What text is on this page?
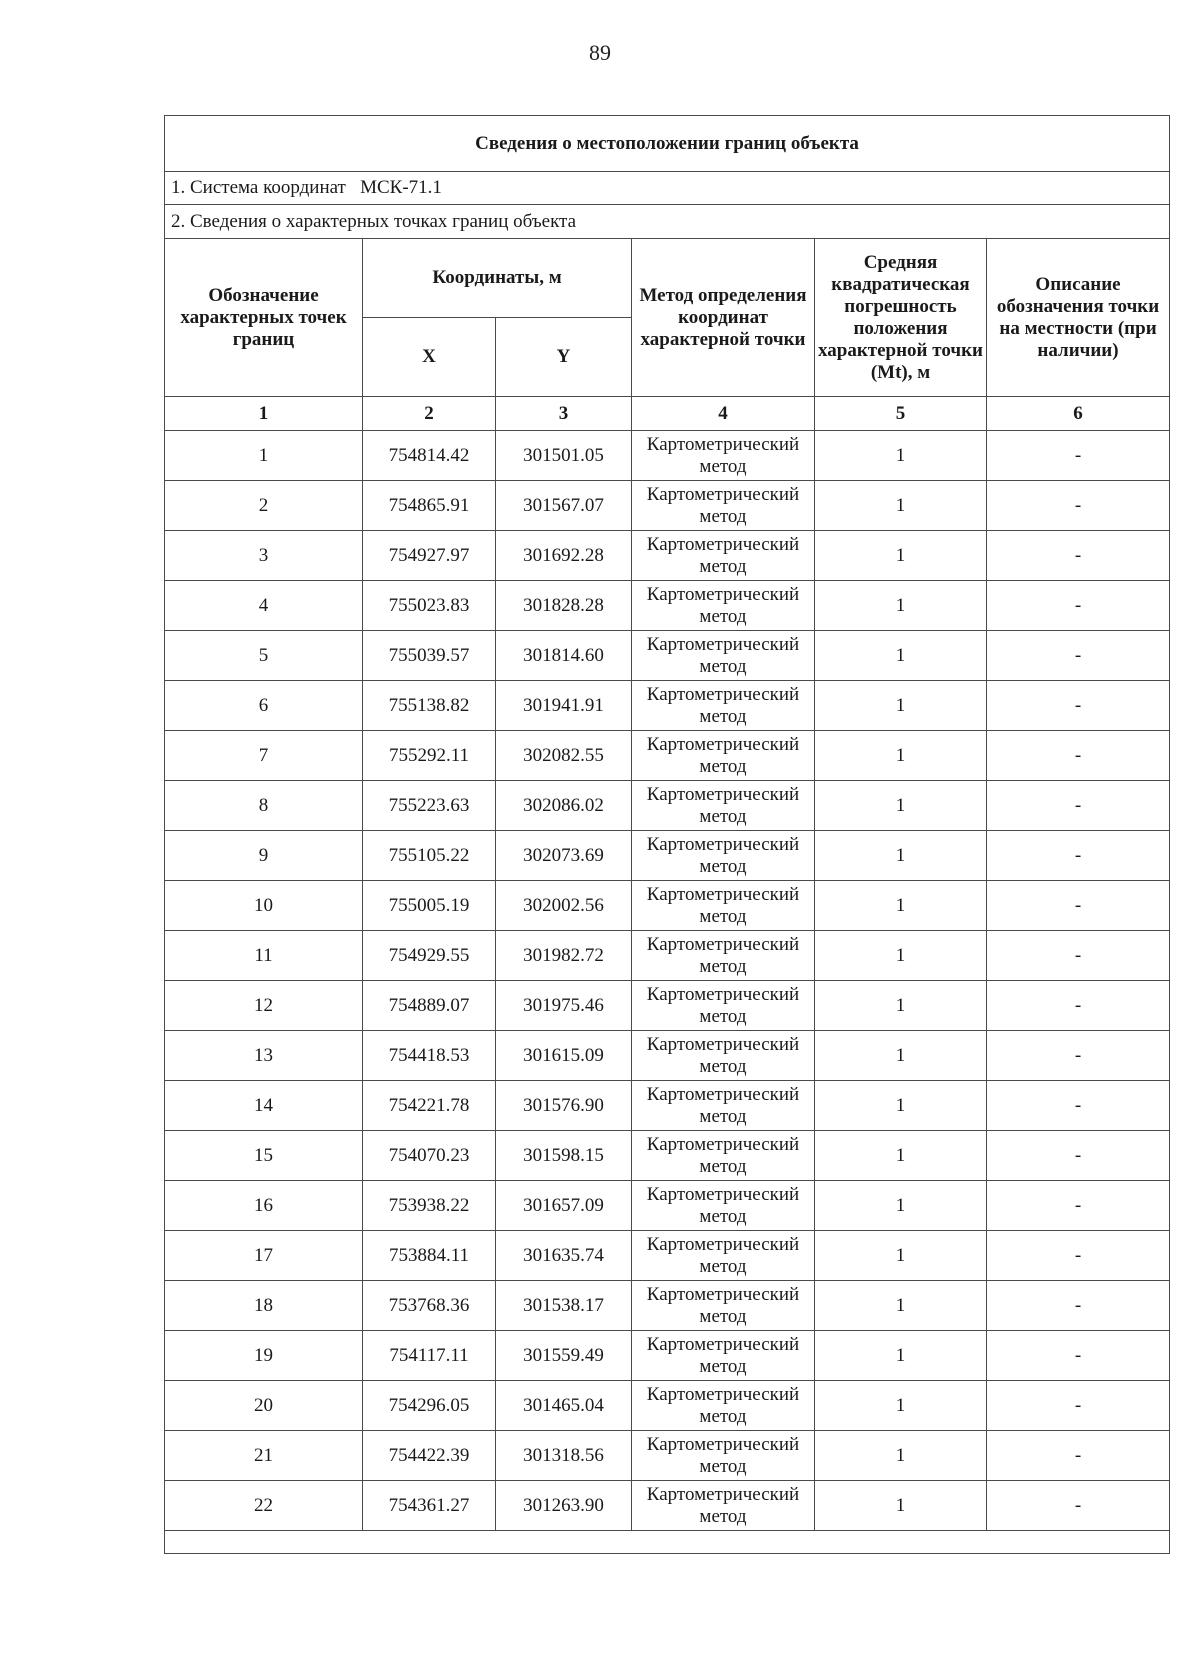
89
Сведения о местоположении границ объекта					
1. Система координат МСК-71.1					
2. Сведения о характерных точках границ объекта					
Обозначение характерных точек границ	Координаты, м		Метод определения координат характерной точки	Средняя квадратическая погрешность положения характерной точки (Mt), м	Описание обозначения точки на местности (при наличии)
	X	Y			
1	2	3	4	5	6
1	754814.42	301501.05	Картометрический метод	1	-
2	754865.91	301567.07	Картометрический метод	1	-
3	754927.97	301692.28	Картометрический метод	1	-
4	755023.83	301828.28	Картометрический метод	1	-
5	755039.57	301814.60	Картометрический метод	1	-
6	755138.82	301941.91	Картометрический метод	1	-
7	755292.11	302082.55	Картометрический метод	1	-
8	755223.63	302086.02	Картометрический метод	1	-
9	755105.22	302073.69	Картометрический метод	1	-
10	755005.19	302002.56	Картометрический метод	1	-
11	754929.55	301982.72	Картометрический метод	1	-
12	754889.07	301975.46	Картометрический метод	1	-
13	754418.53	301615.09	Картометрический метод	1	-
14	754221.78	301576.90	Картометрический метод	1	-
15	754070.23	301598.15	Картометрический метод	1	-
16	753938.22	301657.09	Картометрический метод	1	-
17	753884.11	301635.74	Картометрический метод	1	-
18	753768.36	301538.17	Картометрический метод	1	-
19	754117.11	301559.49	Картометрический метод	1	-
20	754296.05	301465.04	Картометрический метод	1	-
21	754422.39	301318.56	Картометрический метод	1	-
22	754361.27	301263.90	Картометрический метод	1	-
